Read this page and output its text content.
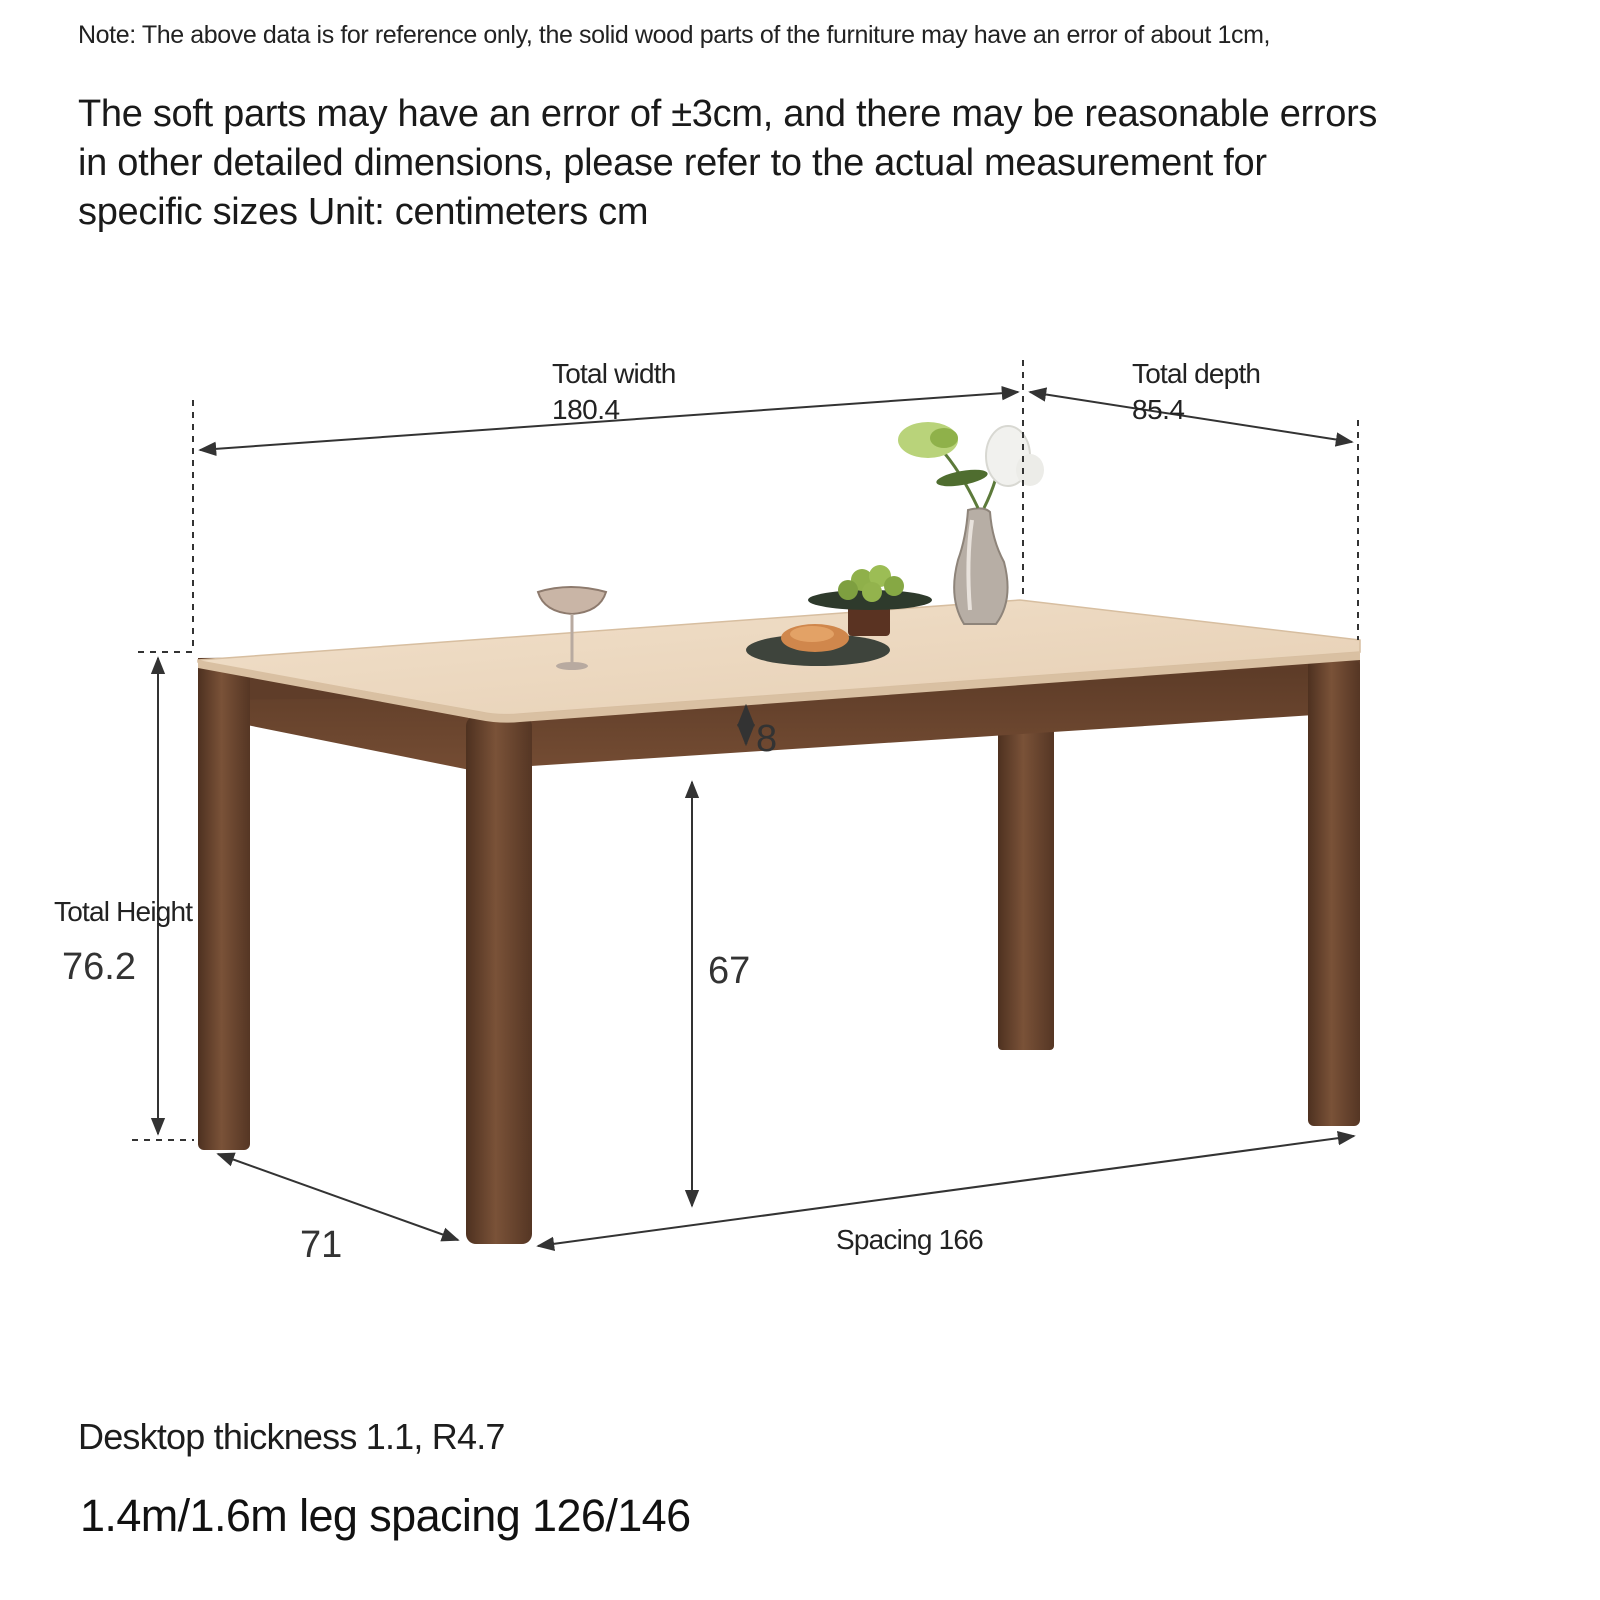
Note: The above data is for reference only, the solid wood parts of the furniture may have an error of about 1cm,
The soft parts may have an error of ±3cm, and there may be reasonable errors in other detailed dimensions, please refer to the actual measurement for specific sizes Unit: centimeters cm
Total width
180.4
Total depth
85.4
Total Height
76.2
8
67
71	Spacing 166
Desktop thickness 1.1, R4.7
1.4m/1.6m leg spacing 126/146
